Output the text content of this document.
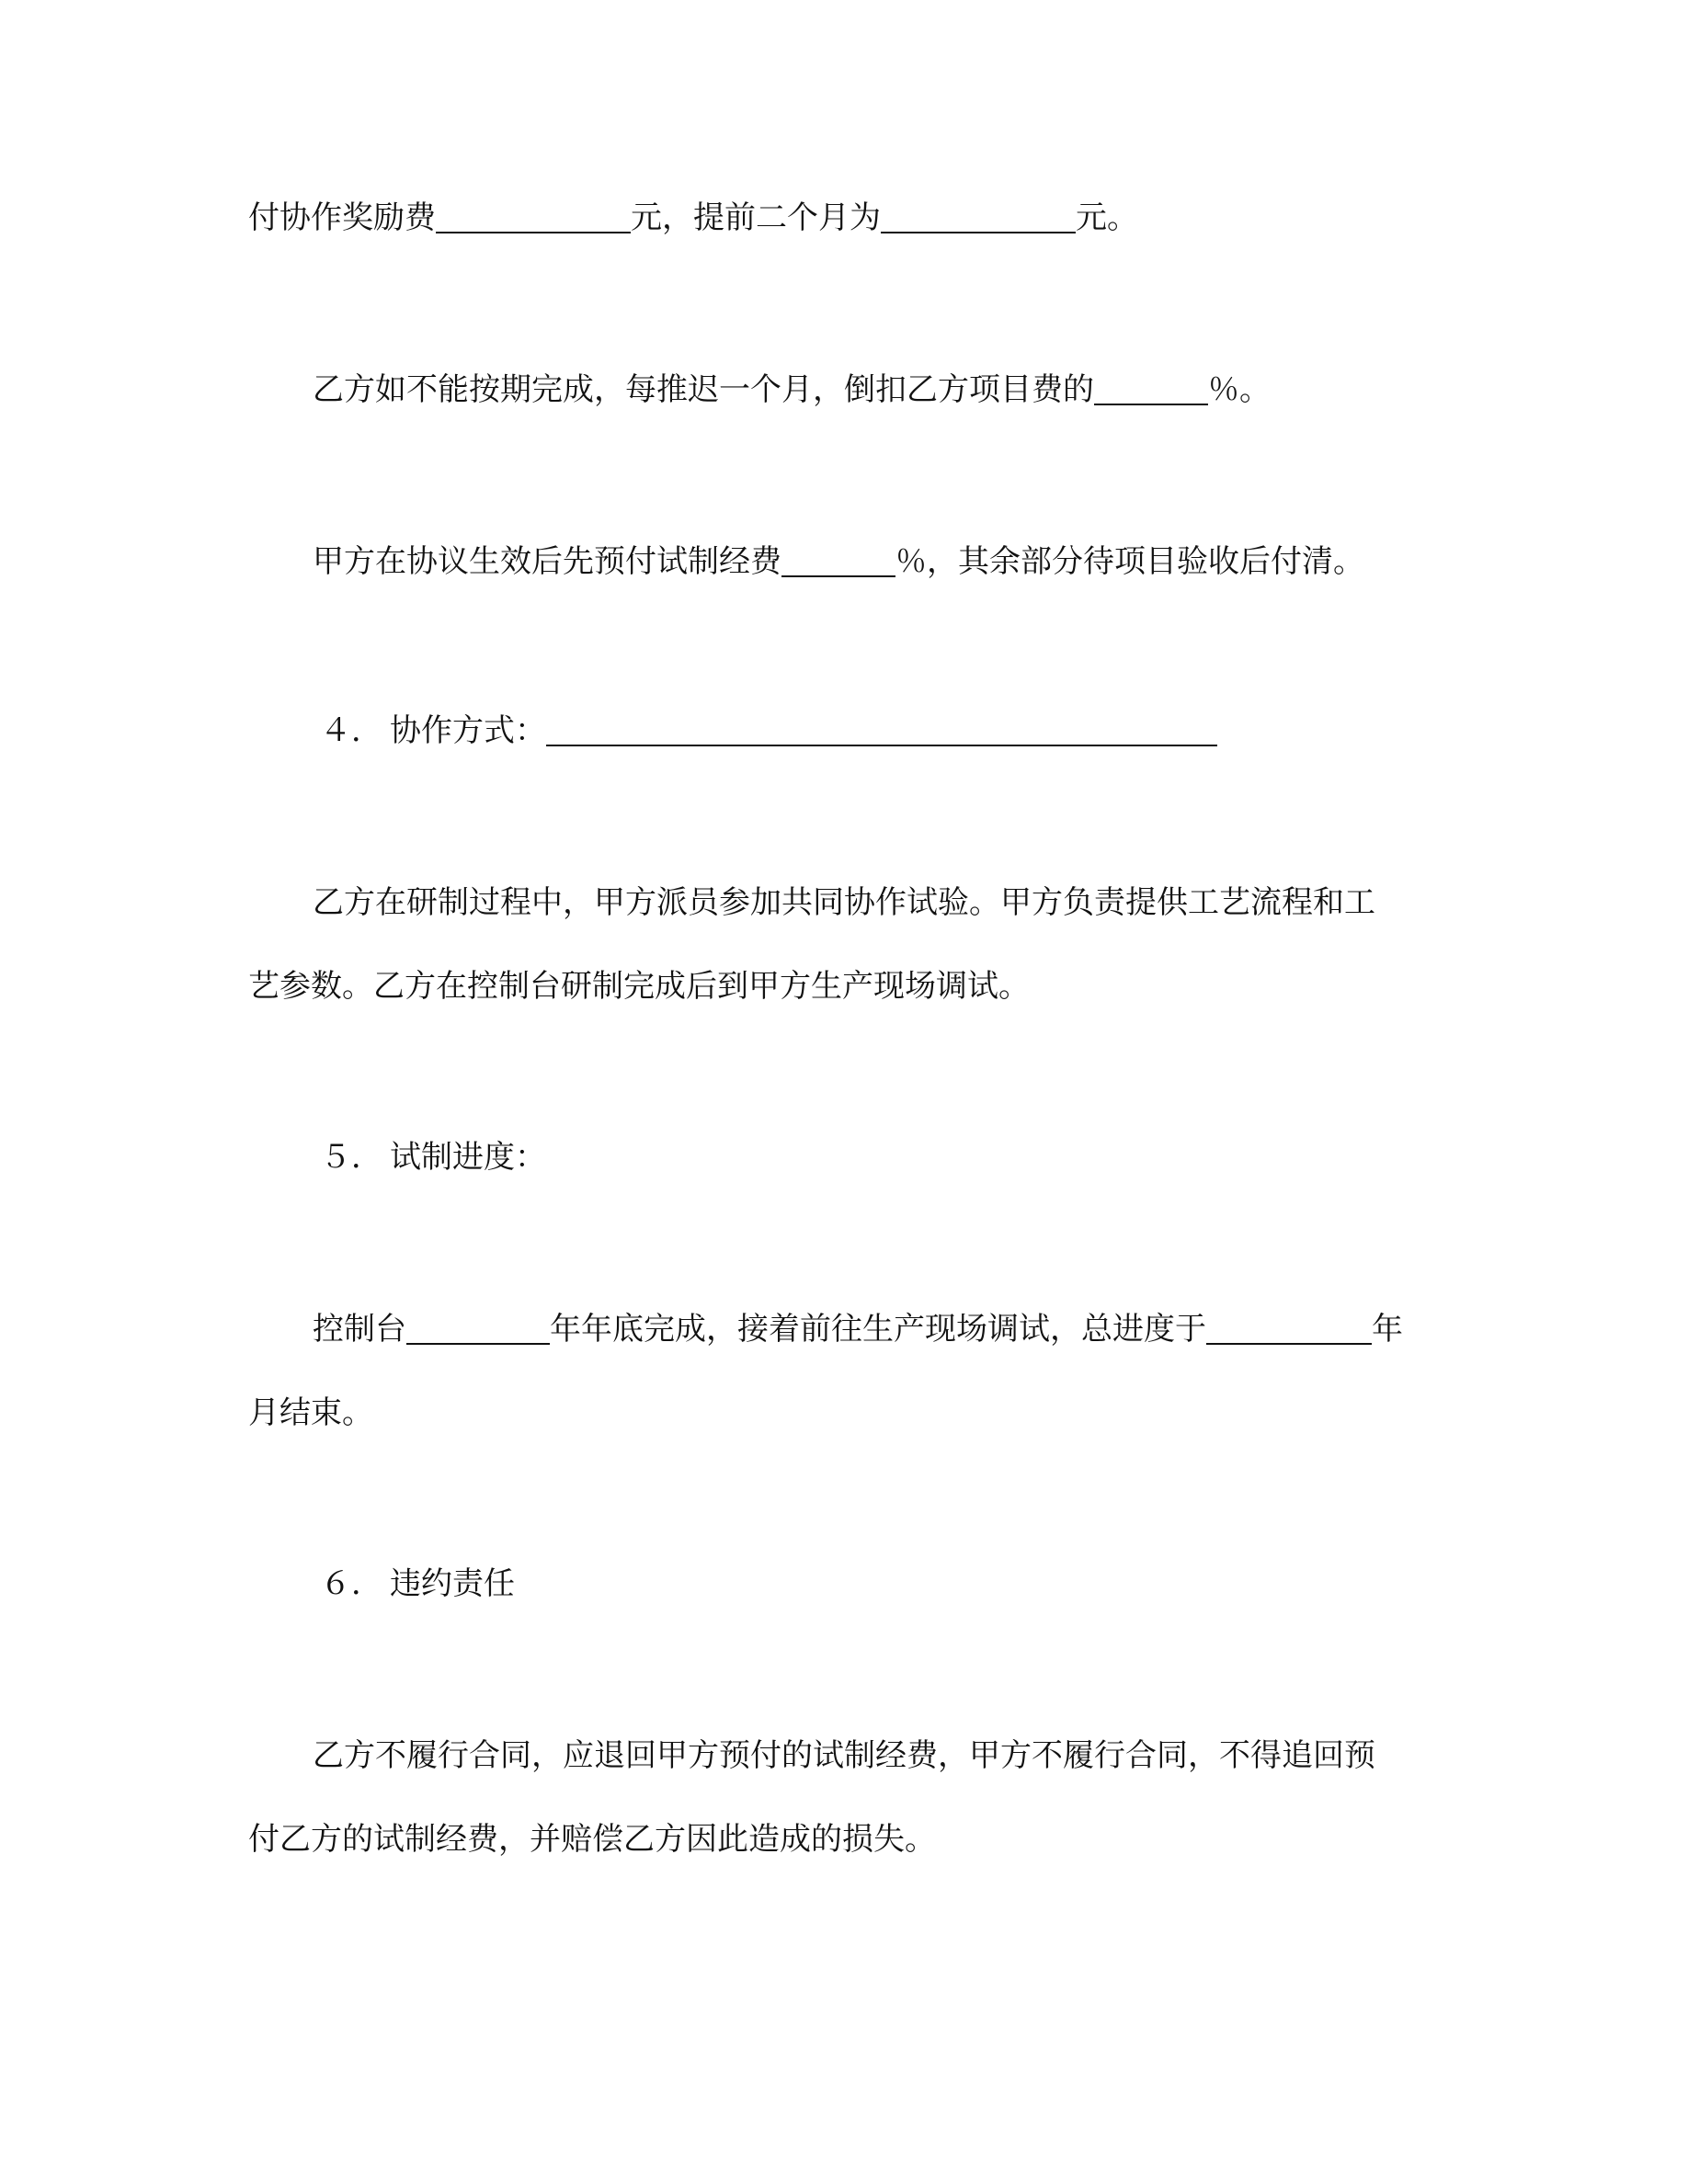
付协作奖励费	元，提前二个月为	元。
乙方如不能按期完成，每推迟一个月，倒扣乙方项目费的	％。
甲方在协议生效后先预付试制经费	％，其余部分待项目验收后付清。
４． 协作方式：
乙方在研制过程中，甲方派员参加共同协作试验。甲方负责提供工艺流程和工
艺参数。乙方在控制台研制完成后到甲方生产现场调试。
５． 试制进度：
控制台	年年底完成，接着前往生产现场调试，总进度于	年
月结束。
６． 违约责任
乙方不履行合同，应退回甲方预付的试制经费，甲方不履行合同，不得追回预
付乙方的试制经费，并赔偿乙方因此造成的损失。
